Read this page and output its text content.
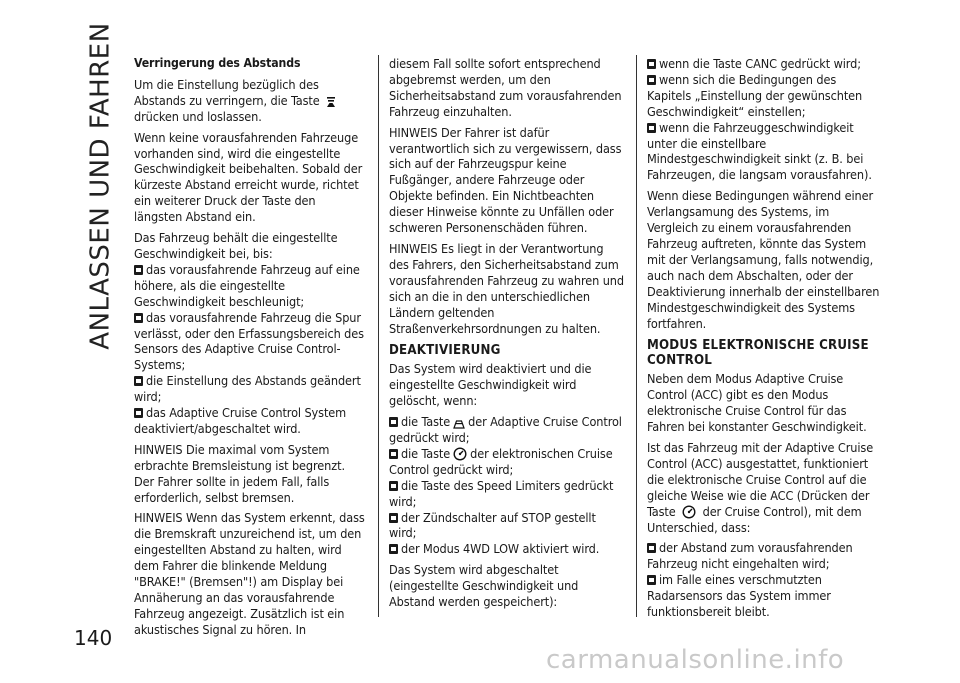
ANLASSEN UND FAHREN
140

Verringerung des Abstands

Um die Einstellung bezüglich des Abstands zu verringern, die Taste  drücken und loslassen.

Wenn keine vorausfahrenden Fahrzeuge vorhanden sind, wird die eingestellte Geschwindigkeit beibehalten. Sobald der kürzeste Abstand erreicht wurde, richtet ein weiterer Druck der Taste den längsten Abstand ein.

Das Fahrzeug behält die eingestellte Geschwindigkeit bei, bis:

das vorausfahrende Fahrzeug auf eine höhere, als die eingestellte Geschwindigkeit beschleunigt;

das vorausfahrende Fahrzeug die Spur verlässt, oder den Erfassungsbereich des Sensors des Adaptive Cruise Control-Systems;

die Einstellung des Abstands geändert wird;

das Adaptive Cruise Control System deaktiviert/abgeschaltet wird.

HINWEIS Die maximal vom System erbrachte Bremsleistung ist begrenzt. Der Fahrer sollte in jedem Fall, falls erforderlich, selbst bremsen.

HINWEIS Wenn das System erkennt, dass die Bremskraft unzureichend ist, um den eingestellten Abstand zu halten, wird dem Fahrer die blinkende Meldung "BRAKE!" (Bremsen"!) am Display bei Annäherung an das vorausfahrende Fahrzeug angezeigt. Zusätzlich ist ein akustisches Signal zu hören. In

diesem Fall sollte sofort entsprechend abgebremst werden, um den Sicherheitsabstand zum vorausfahrenden Fahrzeug einzuhalten.

HINWEIS Der Fahrer ist dafür verantwortlich sich zu vergewissern, dass sich auf der Fahrzeugspur keine Fußgänger, andere Fahrzeuge oder Objekte befinden. Ein Nichtbeachten dieser Hinweise könnte zu Unfällen oder schweren Personenschäden führen.

HINWEIS Es liegt in der Verantwortung des Fahrers, den Sicherheitsabstand zum vorausfahrenden Fahrzeug zu wahren und sich an die in den unterschiedlichen Ländern geltenden Straßenverkehrsordnungen zu halten.

DEAKTIVIERUNG

Das System wird deaktiviert und die eingestellte Geschwindigkeit wird gelöscht, wenn:

die Taste der Adaptive Cruise Control gedrückt wird;

die Taste der elektronischen Cruise Control gedrückt wird;

die Taste des Speed Limiters gedrückt wird;

der Zündschalter auf STOP gestellt wird;

der Modus 4WD LOW aktiviert wird.

Das System wird abgeschaltet (eingestellte Geschwindigkeit und Abstand werden gespeichert):

wenn die Taste CANC gedrückt wird;

wenn sich die Bedingungen des Kapitels „Einstellung der gewünschten Geschwindigkeit“ einstellen;

wenn die Fahrzeuggeschwindigkeit unter die einstellbare Mindestgeschwindigkeit sinkt (z. B. bei Fahrzeugen, die langsam vorausfahren).

Wenn diese Bedingungen während einer Verlangsamung des Systems, im Vergleich zu einem vorausfahrenden Fahrzeug auftreten, könnte das System mit der Verlangsamung, falls notwendig, auch nach dem Abschalten, oder der Deaktivierung innerhalb der einstellbaren Mindestgeschwindigkeit des Systems fortfahren.

MODUS ELEKTRONISCHE CRUISE CONTROL

Neben dem Modus Adaptive Cruise Control (ACC) gibt es den Modus elektronische Cruise Control für das Fahren bei konstanter Geschwindigkeit.

Ist das Fahrzeug mit der Adaptive Cruise Control (ACC) ausgestattet, funktioniert die elektronische Cruise Control auf die gleiche Weise wie die ACC (Drücken der Taste der Cruise Control), mit dem Unterschied, dass:

der Abstand zum vorausfahrenden Fahrzeug nicht eingehalten wird;

im Falle eines verschmutzten Radarsensors das System immer funktionsbereit bleibt.

carmanualsonline.info
